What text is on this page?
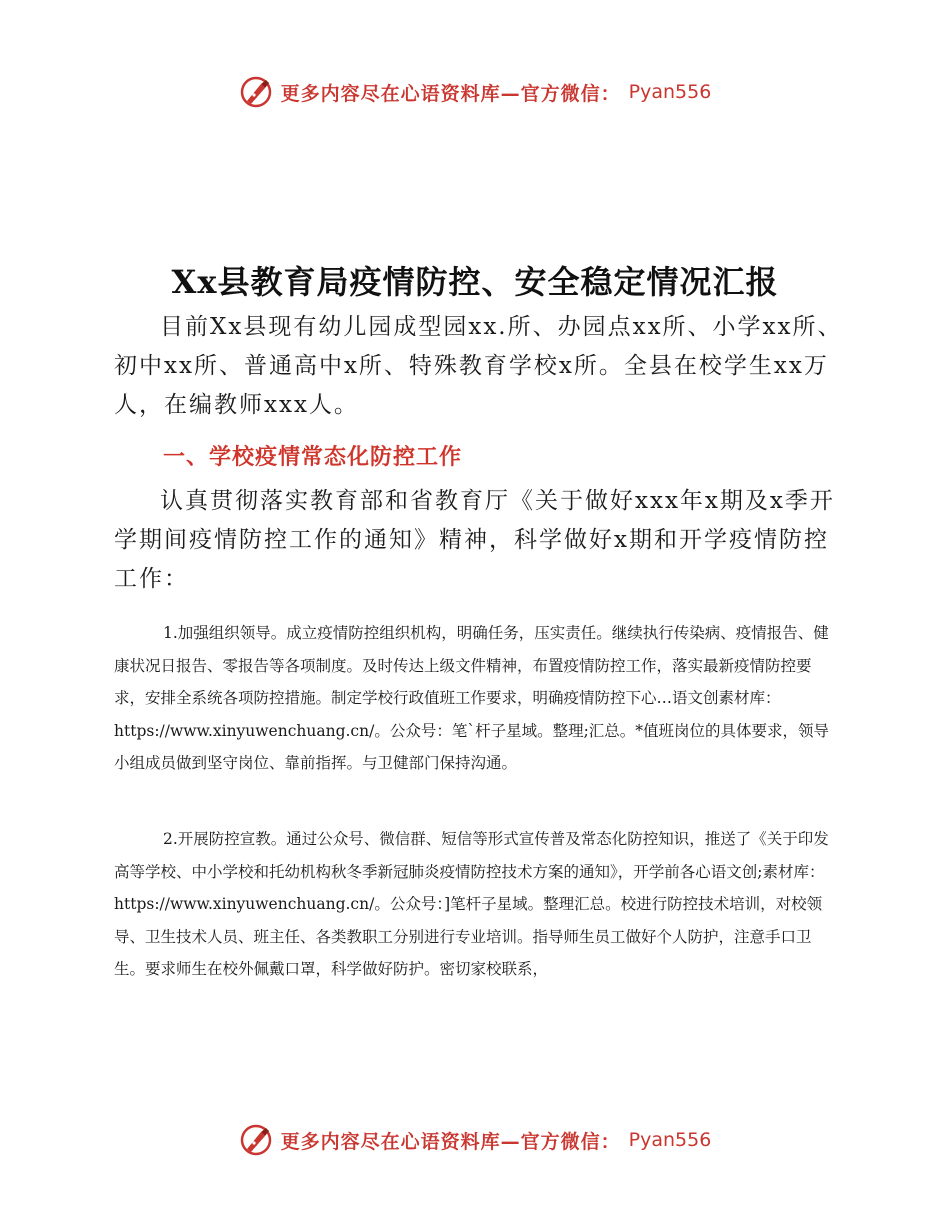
更多内容尽在心语资料库—官方微信： Pyan556
Xx县教育局疫情防控、安全稳定情况汇报

目前Xx县现有幼儿园成型园xx.所、办园点xx所、小学xx所、初中xx所、普通高中x所、特殊教育学校x所。全县在校学生xx万人，在编教师xxx人。

一、学校疫情常态化防控工作

认真贯彻落实教育部和省教育厅《关于做好xxx年x期及x季开学期间疫情防控工作的通知》精神，科学做好x期和开学疫情防控工作：

1.加强组织领导。成立疫情防控组织机构，明确任务，压实责任。继续执行传染病、疫情报告、健康状况日报告、零报告等各项制度。及时传达上级文件精神，布置疫情防控工作，落实最新疫情防控要求，安排全系统各项防控措施。制定学校行政值班工作要求，明确疫情防控下心…语文创素材库：https://www.xinyuwenchuang.cn/。公众号：笔`杆子星域。整理;汇总。*值班岗位的具体要求，领导小组成员做到坚守岗位、靠前指挥。与卫健部门保持沟通。

2.开展防控宣教。通过公众号、微信群、短信等形式宣传普及常态化防控知识，推送了《关于印发高等学校、中小学校和托幼机构秋冬季新冠肺炎疫情防控技术方案的通知》，开学前各心语文创;素材库：https://www.xinyuwenchuang.cn/。公众号：]笔杆子星域。整理汇总。校进行防控技术培训，对校领导、卫生技术人员、班主任、各类教职工分别进行专业培训。指导师生员工做好个人防护，注意手口卫生。要求师生在校外佩戴口罩，科学做好防护。密切家校联系，

更多内容尽在心语资料库—官方微信： Pyan556
